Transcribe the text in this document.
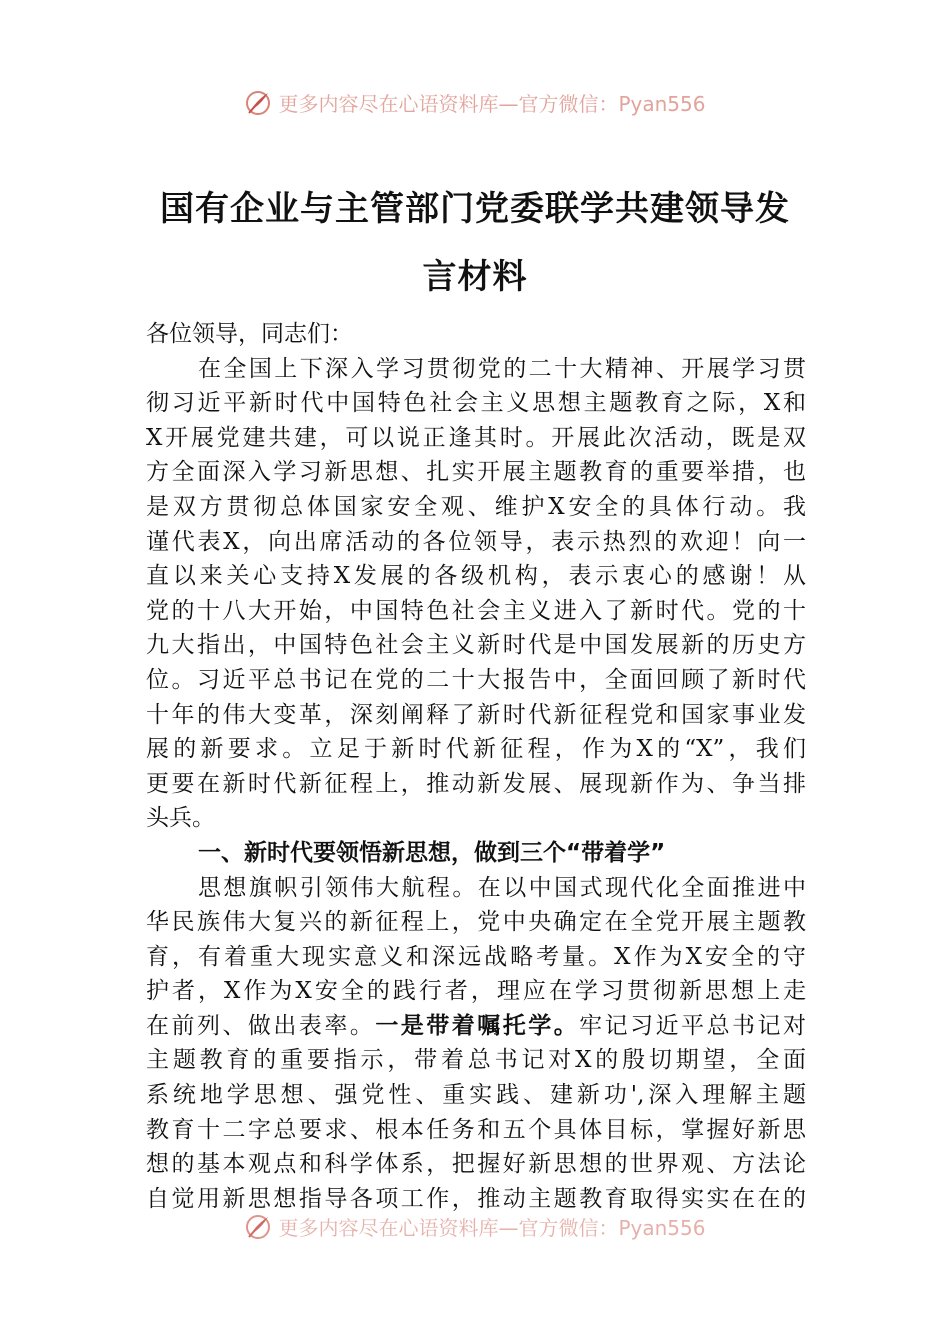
更多内容尽在心语资料库—官方微信：Pyan556
国有企业与主管部门党委联学共建领导发
言材料
各位领导，同志们：
在全国上下深入学习贯彻党的二十大精神、开展学习贯
彻习近平新时代中国特色社会主义思想主题教育之际，X和
X开展党建共建，可以说正逢其时。开展此次活动，既是双
方全面深入学习新思想、扎实开展主题教育的重要举措，也
是双方贯彻总体国家安全观、维护X安全的具体行动。我
谨代表X，向出席活动的各位领导，表示热烈的欢迎！向一
直以来关心支持X发展的各级机构，表示衷心的感谢！从
党的十八大开始，中国特色社会主义进入了新时代。党的十
九大指出，中国特色社会主义新时代是中国发展新的历史方
位。习近平总书记在党的二十大报告中，全面回顾了新时代
十年的伟大变革，深刻阐释了新时代新征程党和国家事业发
展的新要求。立足于新时代新征程，作为X的“X”，我们
更要在新时代新征程上，推动新发展、展现新作为、争当排
头兵。
一、新时代要领悟新思想，做到三个“带着学”
思想旗帜引领伟大航程。在以中国式现代化全面推进中
华民族伟大复兴的新征程上，党中央确定在全党开展主题教
育，有着重大现实意义和深远战略考量。X作为X安全的守
护者，X作为X安全的践行者，理应在学习贯彻新思想上走
在前列、做出表率。一是带着嘱托学。牢记习近平总书记对
主题教育的重要指示，带着总书记对X的殷切期望，全面
系统地学思想、强党性、重实践、建新功',深入理解主题
教育十二字总要求、根本任务和五个具体目标，掌握好新思
想的基本观点和科学体系，把握好新思想的世界观、方法论
自觉用新思想指导各项工作，推动主题教育取得实实在在的
更多内容尽在心语资料库—官方微信：Pyan556
